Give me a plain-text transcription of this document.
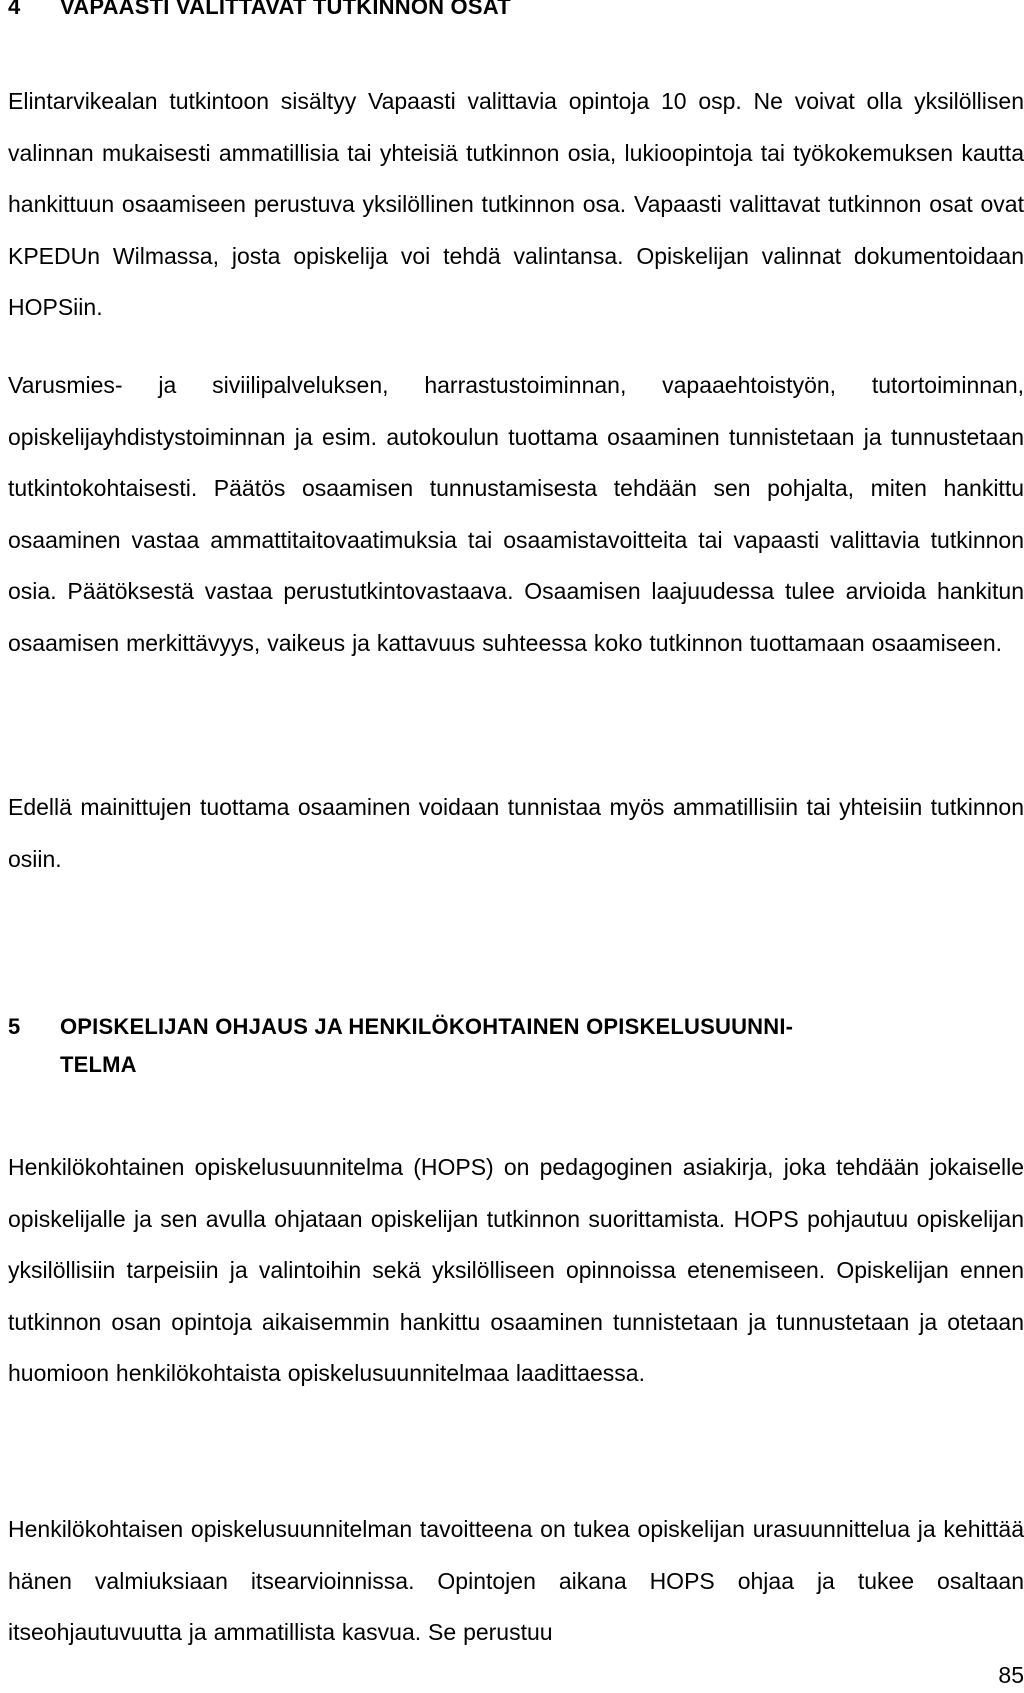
4 VAPAASTI VALITTAVAT TUTKINNON OSAT

Elintarvikealan tutkintoon sisältyy Vapaasti valittavia opintoja 10 osp. Ne voivat olla yksilöllisen valinnan mukaisesti ammatillisia tai yhteisiä tutkinnon osia, lukioopintoja tai työkokemuksen kautta hankittuun osaamiseen perustuva yksilöllinen tutkinnon osa. Vapaasti valittavat tutkinnon osat ovat KPEDUn Wilmassa, josta opiskelija voi tehdä valintansa. Opiskelijan valinnat dokumentoidaan HOPSiin.

Varusmies- ja siviilipalveluksen, harrastustoiminnan, vapaaehtoistyön, tutortoiminnan, opiskelijayhdistystoiminnan ja esim. autokoulun tuottama osaaminen tunnistetaan ja tunnustetaan tutkintokohtaisesti. Päätös osaamisen tunnustamisesta tehdään sen pohjalta, miten hankittu osaaminen vastaa ammattitaitovaatimuksia tai osaamistavoitteita tai vapaasti valittavia tutkinnon osia. Päätöksestä vastaa perustutkintovastaava. Osaamisen laajuudessa tulee arvioida hankitun osaamisen merkittävyys, vaikeus ja kattavuus suhteessa koko tutkinnon tuottamaan osaamiseen.

Edellä mainittujen tuottama osaaminen voidaan tunnistaa myös ammatillisiin tai yhteisiin tutkinnon osiin.

5 OPISKELIJAN OHJAUS JA HENKILÖKOHTAINEN OPISKELUSUUNNI-TELMA

Henkilökohtainen opiskelusuunnitelma (HOPS) on pedagoginen asiakirja, joka tehdään jokaiselle opiskelijalle ja sen avulla ohjataan opiskelijan tutkinnon suorittamista. HOPS pohjautuu opiskelijan yksilöllisiin tarpeisiin ja valintoihin sekä yksilölliseen opinnoissa etenemiseen. Opiskelijan ennen tutkinnon osan opintoja aikaisemmin hankittu osaaminen tunnistetaan ja tunnustetaan ja otetaan huomioon henkilökohtaista opiskelusuunnitelmaa laadittaessa.

Henkilökohtaisen opiskelusuunnitelman tavoitteena on tukea opiskelijan urasuunnittelua ja kehittää hänen valmiuksiaan itsearvioinnissa. Opintojen aikana HOPS ohjaa ja tukee osaltaan itseohjautuvuutta ja ammatillista kasvua. Se perustuu

85
